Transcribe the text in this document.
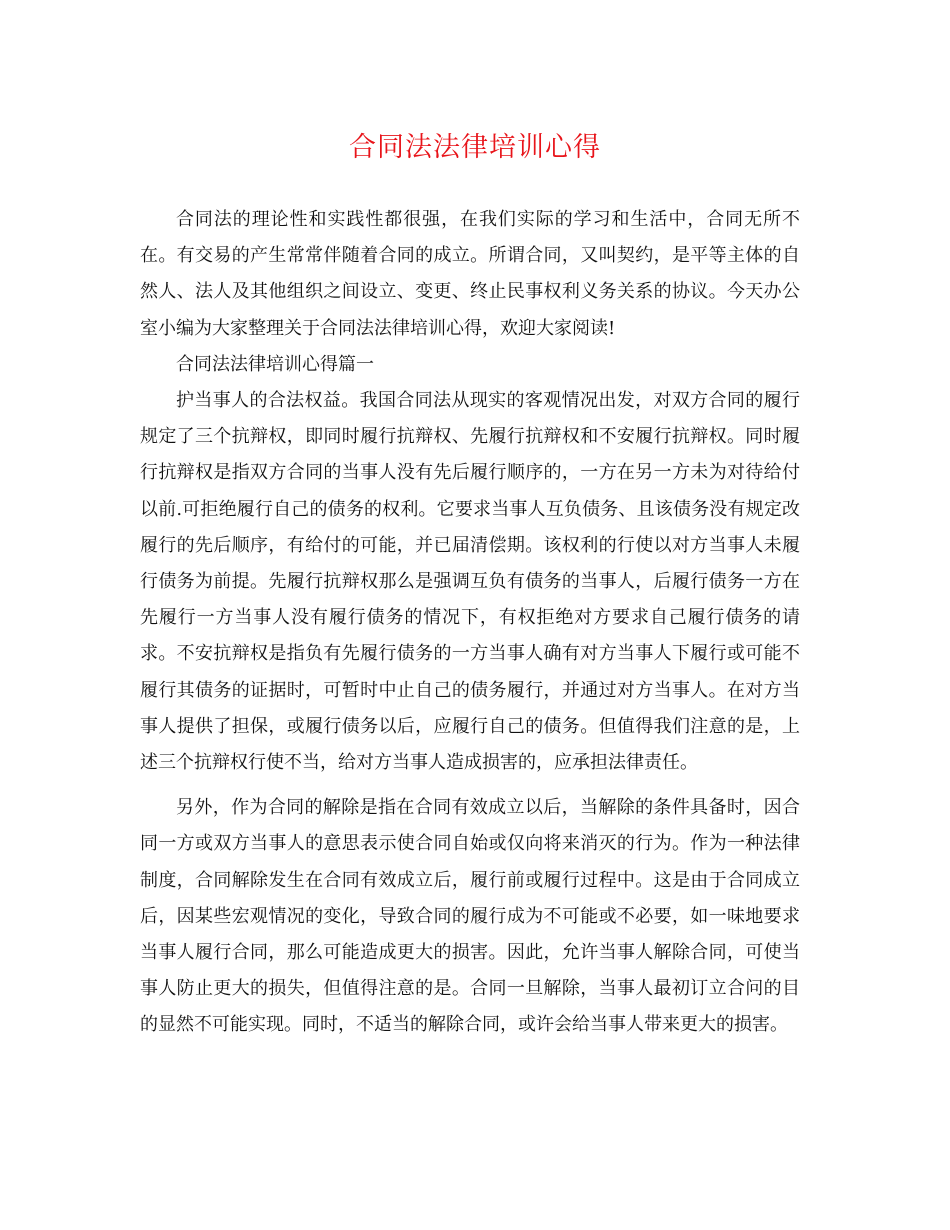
合同法法律培训心得

合同法的理论性和实践性都很强，在我们实际的学习和生活中，合同无所不在。有交易的产生常常伴随着合同的成立。所谓合同，又叫契约，是平等主体的自然人、法人及其他组织之间设立、变更、终止民事权利义务关系的协议。今天办公室小编为大家整理关于合同法法律培训心得，欢迎大家阅读!

合同法法律培训心得篇一

护当事人的合法权益。我国合同法从现实的客观情况出发，对双方合同的履行规定了三个抗辩权，即同时履行抗辩权、先履行抗辩权和不安履行抗辩权。同时履行抗辩权是指双方合同的当事人没有先后履行顺序的，一方在另一方未为对待给付以前.可拒绝履行自己的债务的权利。它要求当事人互负债务、且该债务没有规定改履行的先后顺序，有给付的可能，并已届清偿期。该权利的行使以对方当事人未履行债务为前提。先履行抗辩权那么是强调互负有债务的当事人，后履行债务一方在先履行一方当事人没有履行债务的情况下，有权拒绝对方要求自己履行债务的请求。不安抗辩权是指负有先履行债务的一方当事人确有对方当事人下履行或可能不履行其债务的证据时，可暂时中止自己的债务履行，并通过对方当事人。在对方当事人提供了担保，或履行债务以后，应履行自己的债务。但值得我们注意的是，上述三个抗辩权行使不当，给对方当事人造成损害的，应承担法律责任。

另外，作为合同的解除是指在合同有效成立以后，当解除的条件具备时，因合同一方或双方当事人的意思表示使合同自始或仅向将来消灭的行为。作为一种法律制度，合同解除发生在合同有效成立后，履行前或履行过程中。这是由于合同成立后，因某些宏观情况的变化，导致合同的履行成为不可能或不必要，如一味地要求当事人履行合同，那么可能造成更大的损害。因此，允许当事人解除合同，可使当事人防止更大的损失，但值得注意的是。合同一旦解除，当事人最初订立合问的目的显然不可能实现。同时，不适当的解除合同，或许会给当事人带来更大的损害。
